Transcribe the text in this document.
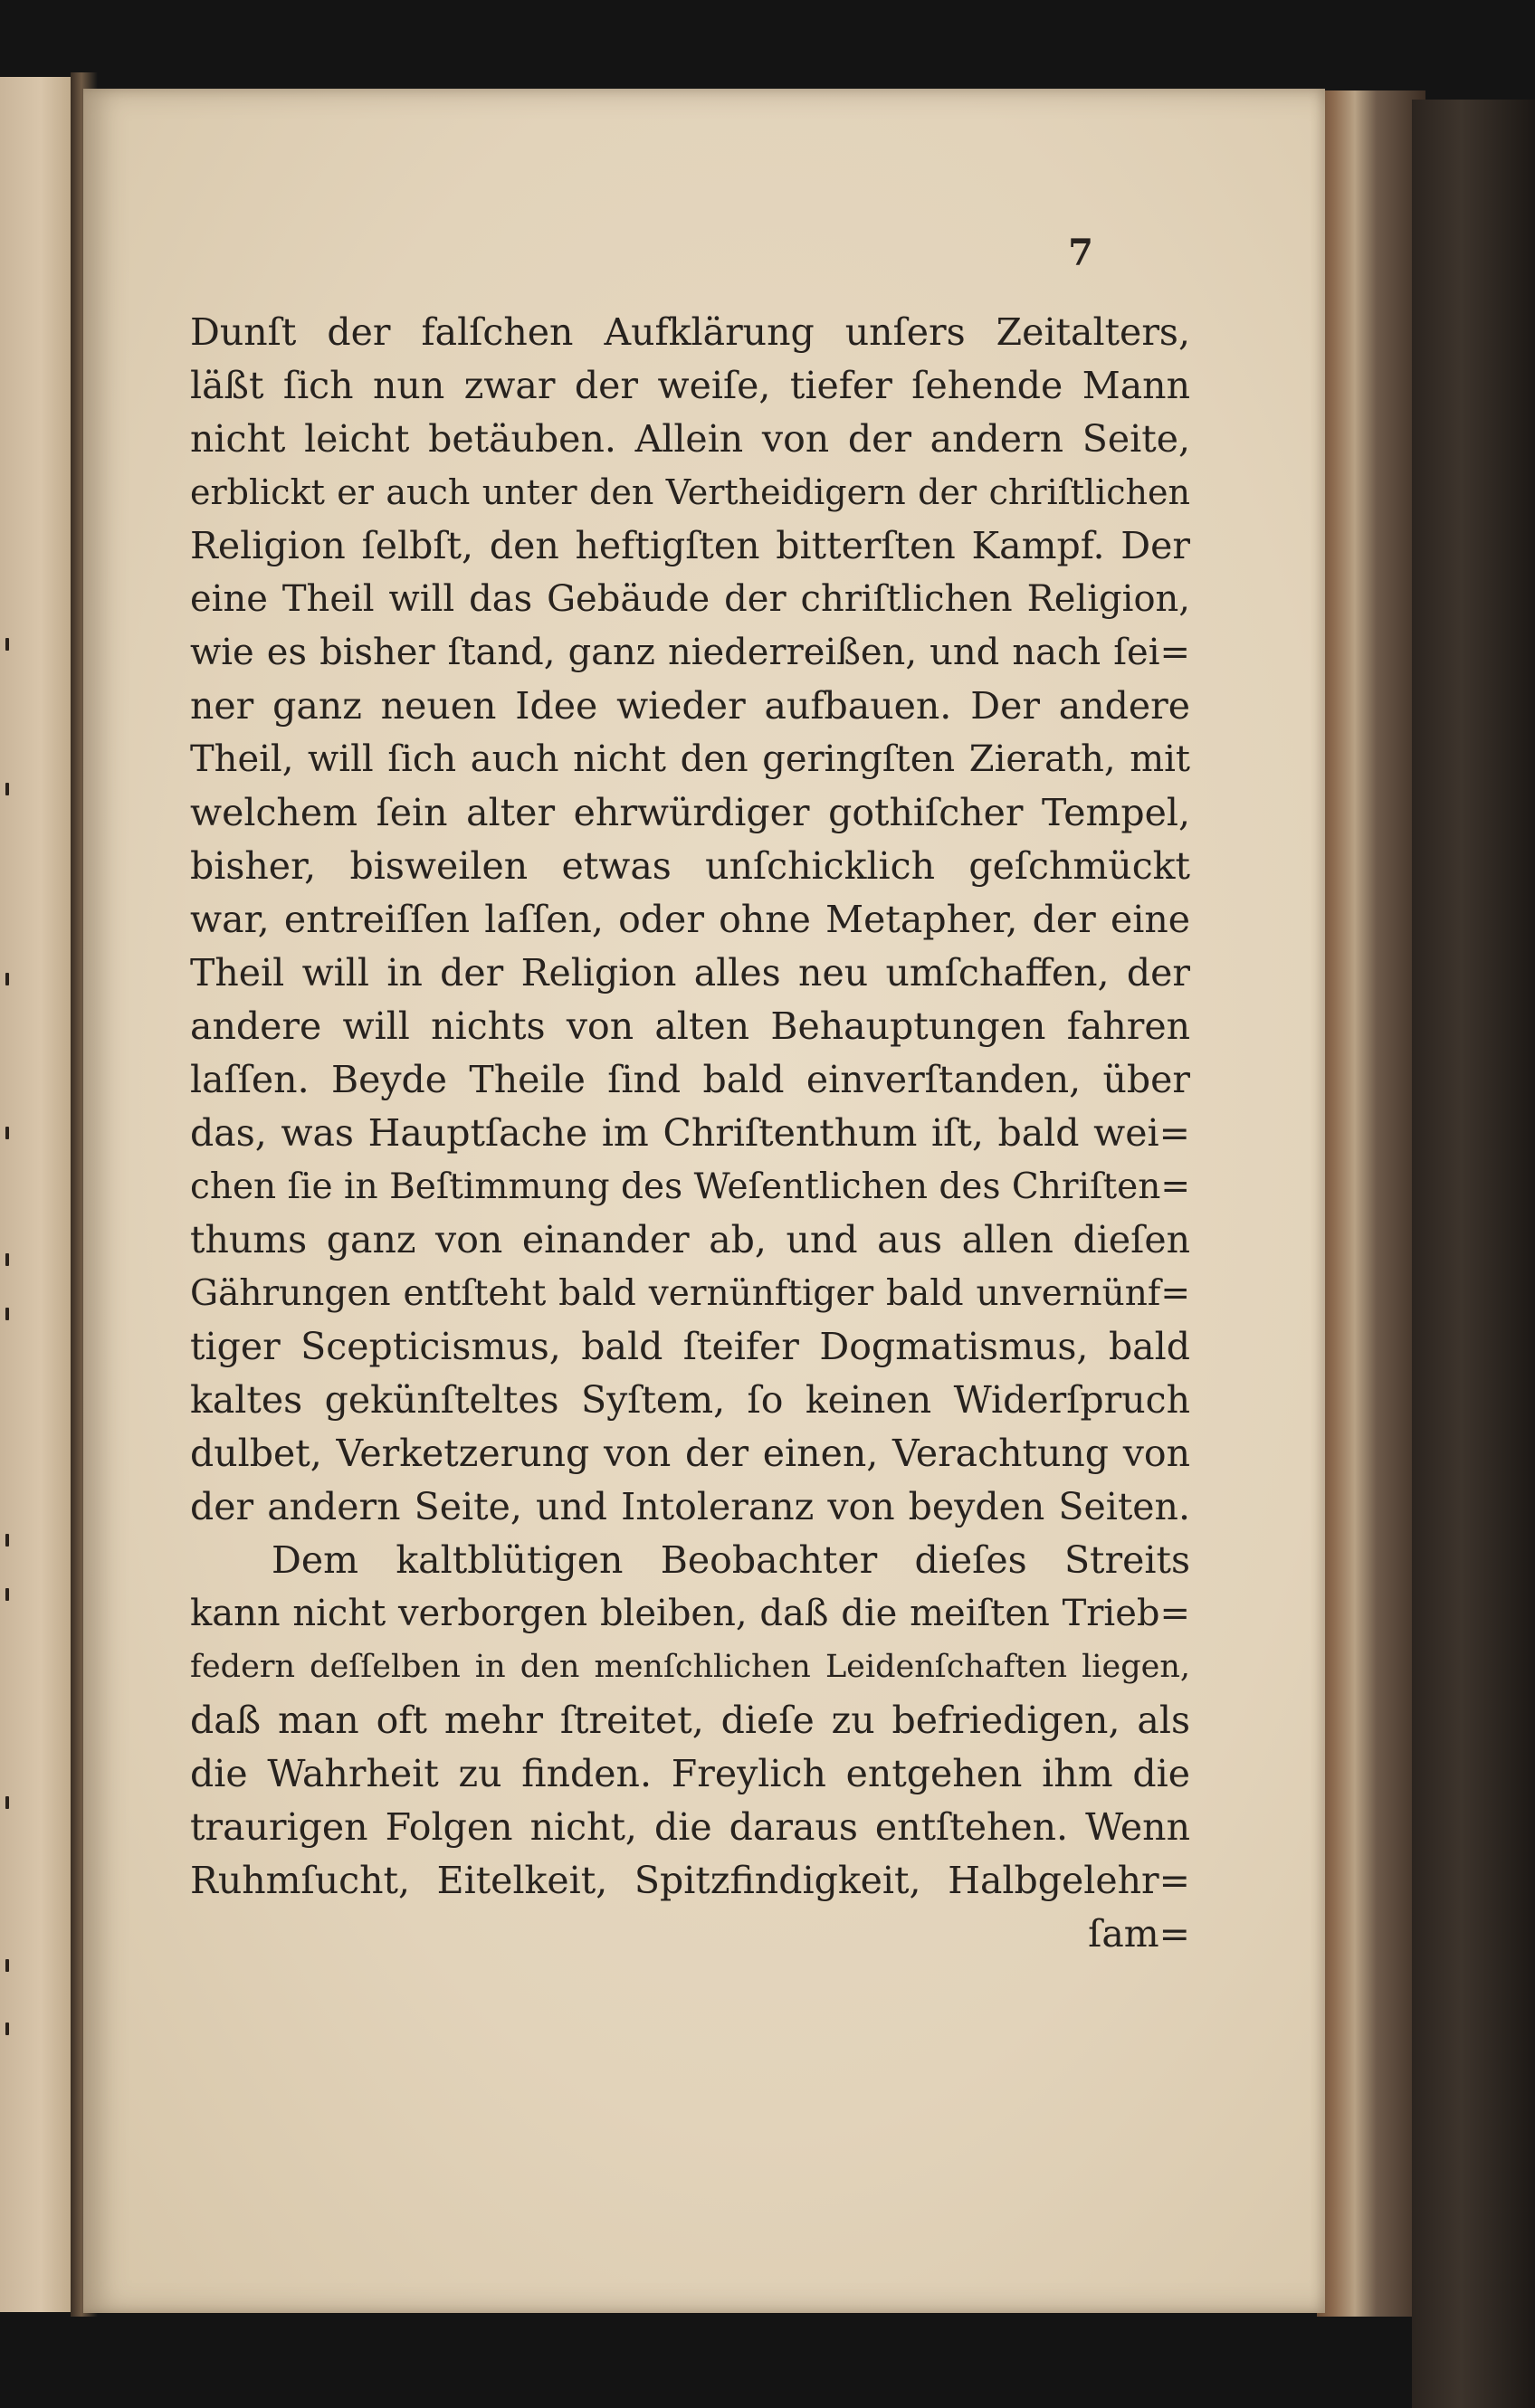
7
Dunſt der falſchen Aufklärung unſers Zeitalters,
läßt ſich nun zwar der weiſe, tiefer ſehende Mann
nicht leicht betäuben. Allein von der andern Seite,
erblickt er auch unter den Vertheidigern der chriſtlichen
Religion ſelbſt, den heftigſten bitterſten Kampf. Der
eine Theil will das Gebäude der chriſtlichen Religion,
wie es bisher ſtand, ganz niederreißen, und nach ſei=
ner ganz neuen Idee wieder aufbauen. Der andere
Theil, will ſich auch nicht den geringſten Zierath, mit
welchem ſein alter ehrwürdiger gothiſcher Tempel,
bisher, bisweilen etwas unſchicklich geſchmückt
war, entreiſſen laſſen, oder ohne Metapher, der eine
Theil will in der Religion alles neu umſchaffen, der
andere will nichts von alten Behauptungen fahren
laſſen. Beyde Theile ſind bald einverſtanden, über
das, was Hauptſache im Chriſtenthum iſt, bald wei=
chen ſie in Beſtimmung des Weſentlichen des Chriſten=
thums ganz von einander ab, und aus allen dieſen
Gährungen entſteht bald vernünftiger bald unvernünf=
tiger Scepticismus, bald ſteifer Dogmatismus, bald
kaltes gekünſteltes Syſtem, ſo keinen Widerſpruch
dulbet, Verketzerung von der einen, Verachtung von
der andern Seite, und Intoleranz von beyden Seiten.
Dem kaltblütigen Beobachter dieſes Streits
kann nicht verborgen bleiben, daß die meiſten Trieb=
federn deſſelben in den menſchlichen Leidenſchaften liegen,
daß man oft mehr ſtreitet, dieſe zu befriedigen, als
die Wahrheit zu finden. Freylich entgehen ihm die
traurigen Folgen nicht, die daraus entſtehen. Wenn
Ruhmſucht, Eitelkeit, Spitzfindigkeit, Halbgelehr=
ſam=
